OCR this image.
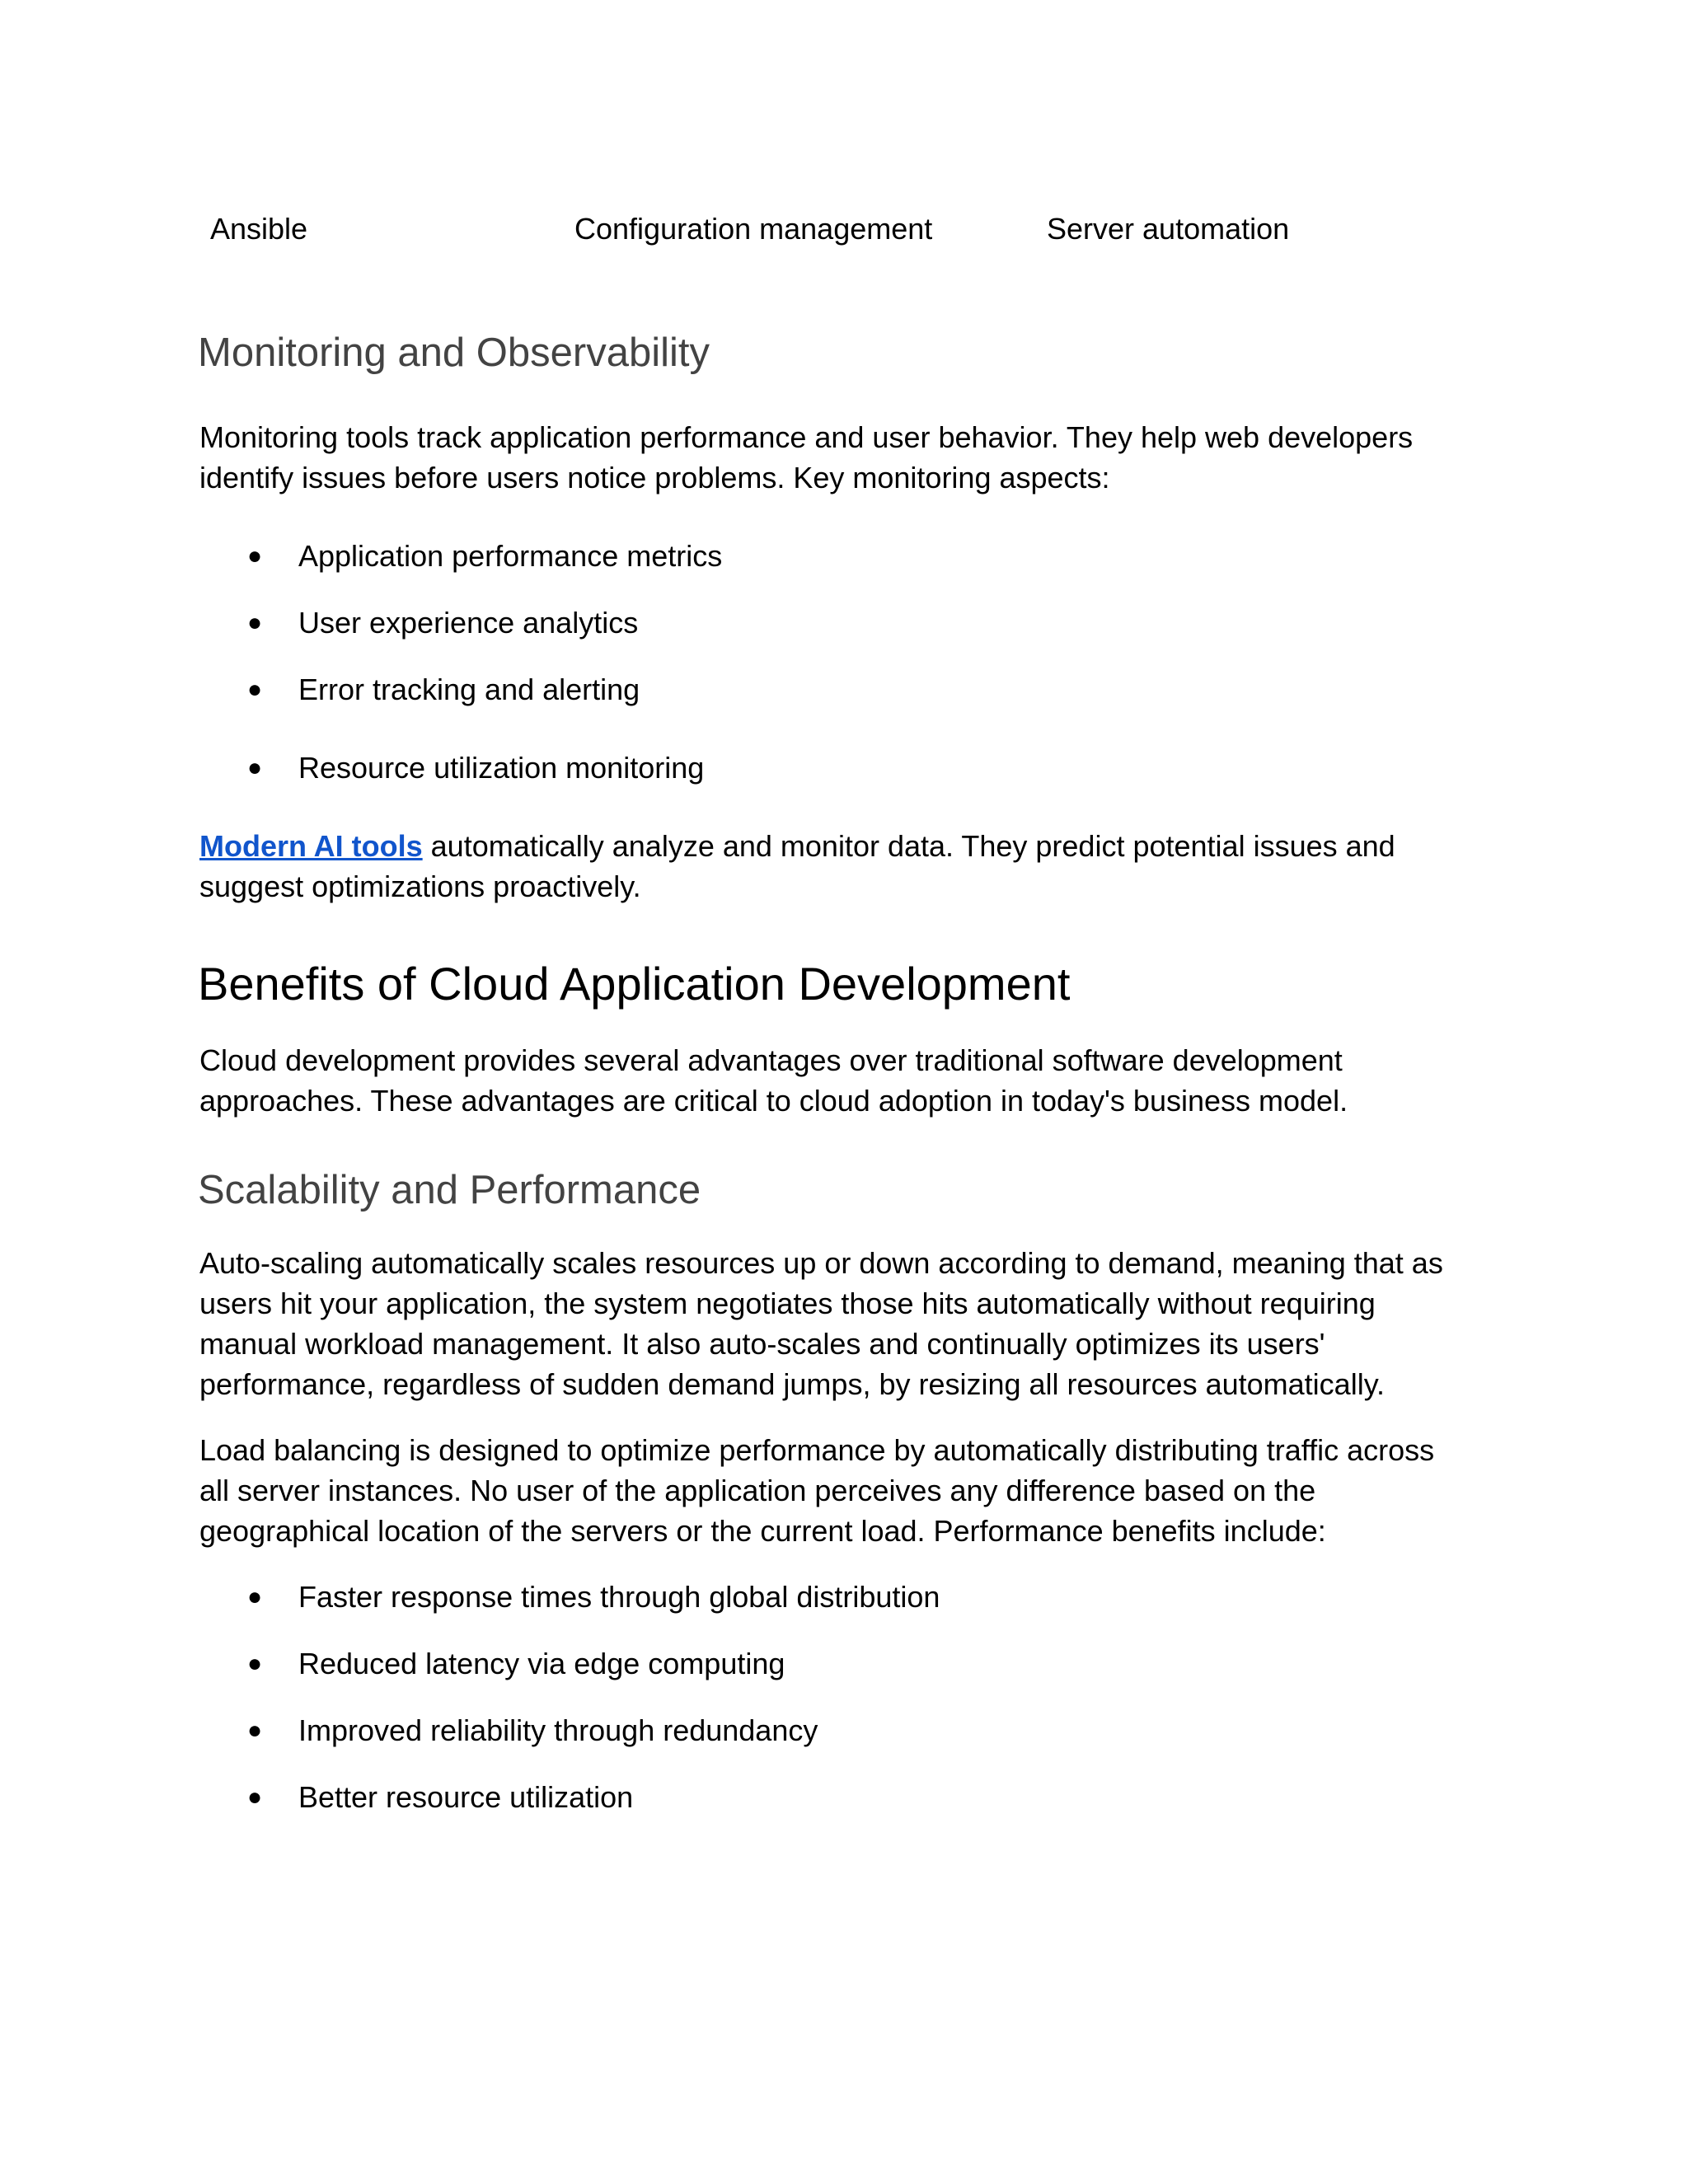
Ansible	Configuration management	Server automation
Monitoring and Observability
Monitoring tools track application performance and user behavior. They help web developers
identify issues before users notice problems. Key monitoring aspects:
● Application performance metrics
● User experience analytics
● Error tracking and alerting
● Resource utilization monitoring
Modern AI tools automatically analyze and monitor data. They predict potential issues and
suggest optimizations proactively.
Benefits of Cloud Application Development
Cloud development provides several advantages over traditional software development
approaches. These advantages are critical to cloud adoption in today's business model.
Scalability and Performance
Auto-scaling automatically scales resources up or down according to demand, meaning that as
users hit your application, the system negotiates those hits automatically without requiring
manual workload management. It also auto-scales and continually optimizes its users'
performance, regardless of sudden demand jumps, by resizing all resources automatically.
Load balancing is designed to optimize performance by automatically distributing traffic across
all server instances. No user of the application perceives any difference based on the
geographical location of the servers or the current load. Performance benefits include:
● Faster response times through global distribution
● Reduced latency via edge computing
● Improved reliability through redundancy
● Better resource utilization
